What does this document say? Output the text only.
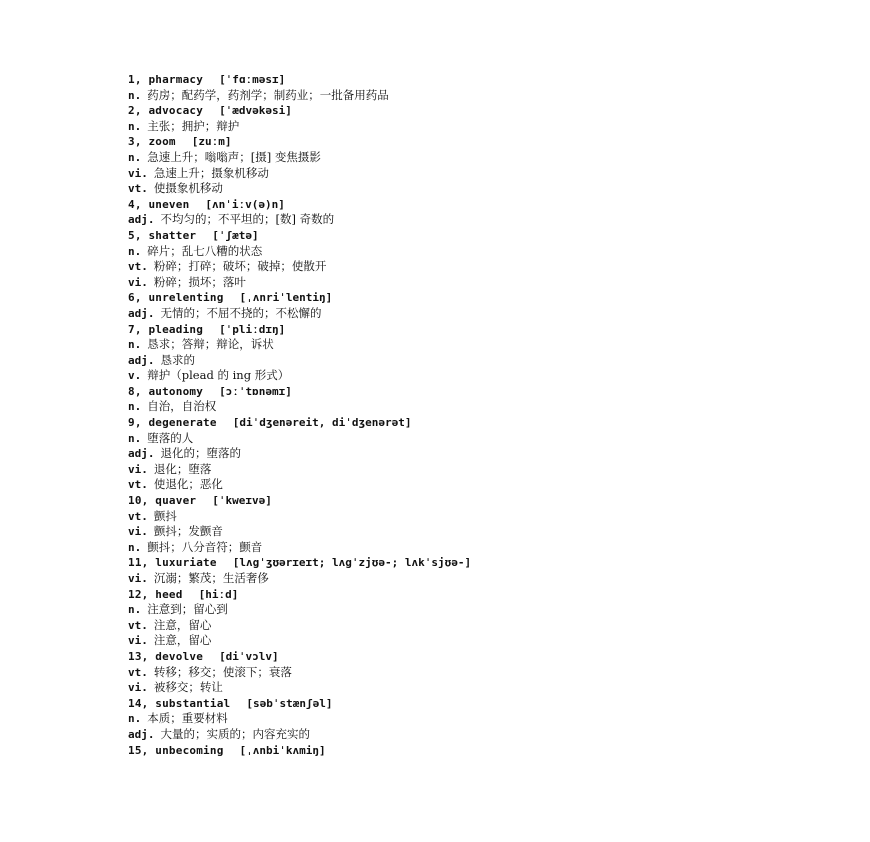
1, pharmacy [ˈfɑːməsɪ]
n. 药房；配药学，药剂学；制药业；一批备用药品
2, advocacy [ˈædvəkəsi]
n. 主张；拥护；辩护
3, zoom [zuːm]
n. 急速上升；嗡嗡声；[摄] 变焦摄影
vi. 急速上升；摄象机移动
vt. 使摄象机移动
4, uneven [ʌnˈiːv(ə)n]
adj. 不均匀的；不平坦的；[数] 奇数的
5, shatter [ˈʃætə]
n. 碎片；乱七八糟的状态
vt. 粉碎；打碎；破坏；破掉；使散开
vi. 粉碎；损坏；落叶
6, unrelenting [ˌʌnriˈlentiŋ]
adj. 无情的；不屈不挠的；不松懈的
7, pleading [ˈpliːdɪŋ]
n. 恳求；答辩；辩论，诉状
adj. 恳求的
v. 辩护（plead 的 ing 形式）
8, autonomy [ɔːˈtɒnəmɪ]
n. 自治，自治权
9, degenerate [diˈdʒenəreit, diˈdʒenərət]
n. 堕落的人
adj. 退化的；堕落的
vi. 退化；堕落
vt. 使退化；恶化
10, quaver [ˈkweɪvə]
vt. 颤抖
vi. 颤抖；发颤音
n. 颤抖；八分音符；颤音
11, luxuriate [lʌgˈʒʊərɪeɪt; lʌgˈzjʊə-; lʌkˈsjʊə-]
vi. 沉溺；繁茂；生活奢侈
12, heed [hiːd]
n. 注意到；留心到
vt. 注意，留心
vi. 注意，留心
13, devolve [diˈvɔlv]
vt. 转移；移交；使滚下；衰落
vi. 被移交；转让
14, substantial [səbˈstænʃəl]
n. 本质；重要材料
adj. 大量的；实质的；内容充实的
15, unbecoming [ˌʌnbiˈkʌmiŋ]
